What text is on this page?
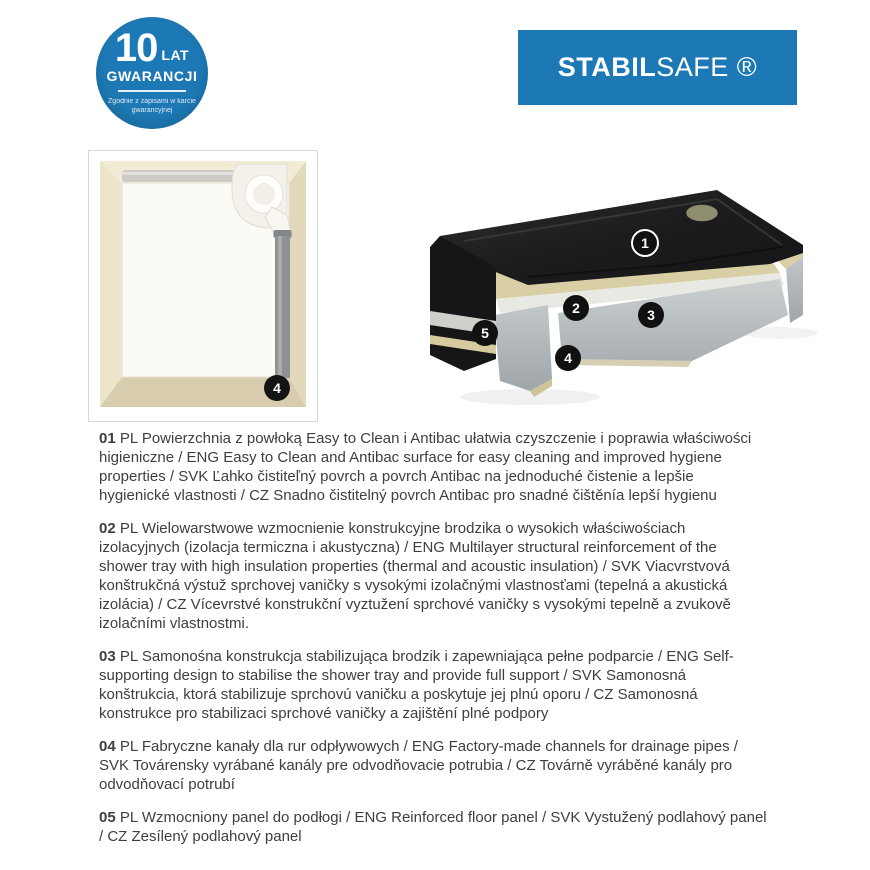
10 LAT
GWARANCJI
Zgodnie z zapisami w karcie
gwarancyjnej
STABILSAFE ®
4
1
2	3
4
5

01 PL Powierzchnia z powłoką Easy to Clean i Antibac ułatwia czyszczenie i poprawia właściwości higieniczne / ENG Easy to Clean and Antibac surface for easy cleaning and improved hygiene properties / SVK Ľahko čistiteľný povrch a povrch Antibac na jednoduché čistenie a lepšie hygienické vlastnosti / CZ Snadno čistitelný povrch Antibac pro snadné čištěnía lepší hygienu

02 PL Wielowarstwowe wzmocnienie konstrukcyjne brodzika o wysokich właściwościach izolacyjnych (izolacja termiczna i akustyczna) / ENG Multilayer structural reinforcement of the shower tray with high insulation properties (thermal and acoustic insulation) / SVK Viacvrstvová konštrukčná výstuž sprchovej vaničky s vysokými izolačnými vlastnosťami (tepelná a akustická izolácia) / CZ Vícevrstvé konstrukční vyztužení sprchové vaničky s vysokými tepelně a zvukově izolačními vlastnostmi.

03 PL Samonośna konstrukcja stabilizująca brodzik i zapewniająca pełne podparcie / ENG Self-supporting design to stabilise the shower tray and provide full support / SVK Samonosná konštrukcia, ktorá stabilizuje sprchovú vaničku a poskytuje jej plnú oporu / CZ Samonosná konstrukce pro stabilizaci sprchové vaničky a zajištění plné podpory

04 PL Fabryczne kanały dla rur odpływowych / ENG Factory-made channels for drainage pipes / SVK Továrensky vyrábané kanály pre odvodňovacie potrubia / CZ Továrně vyráběné kanály pro odvodňovací potrubí

05 PL Wzmocniony panel do podłogi / ENG Reinforced floor panel / SVK Vystužený podlahový panel / CZ Zesílený podlahový panel
